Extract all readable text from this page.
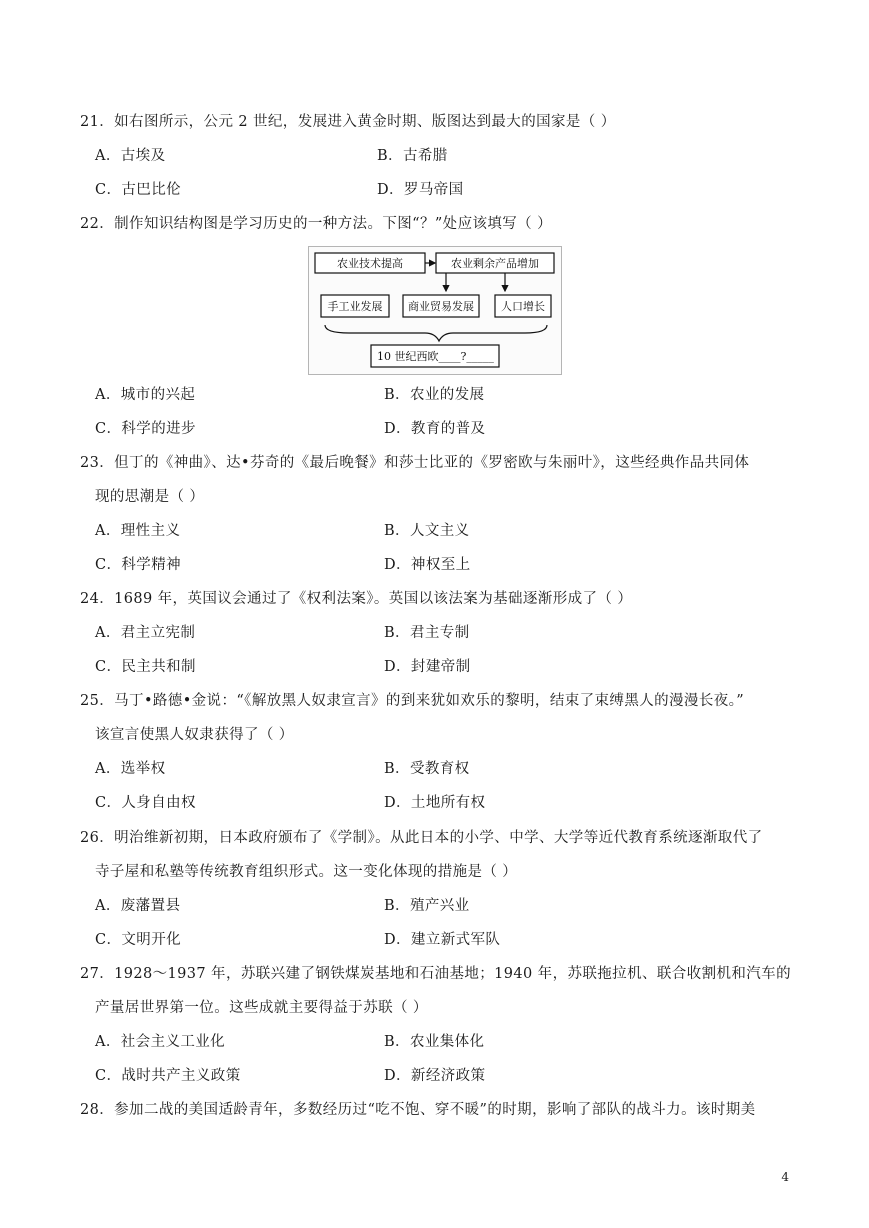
21．如右图所示，公元 2 世纪，发展进入黄金时期、版图达到最大的国家是（ ）
A．古埃及	B．古希腊
C．古巴比伦	D．罗马帝国
22．制作知识结构图是学习历史的一种方法。下图“？”处应该填写（ ）
农业技术提高	农业剩余产品增加
手工业发展 商业贸易发展 人口增长
10 世纪西欧____?_____
A．城市的兴起	B．农业的发展
C．科学的进步	D．教育的普及
23．但丁的《神曲》、达•芬奇的《最后晚餐》和莎士比亚的《罗密欧与朱丽叶》，这些经典作品共同体
现的思潮是（ ）
A．理性主义	B．人文主义
C．科学精神	D．神权至上
24．1689 年，英国议会通过了《权利法案》。英国以该法案为基础逐渐形成了（ ）
A．君主立宪制	B．君主专制
C．民主共和制	D．封建帝制
25．马丁•路德•金说：“《解放黑人奴隶宣言》的到来犹如欢乐的黎明，结束了束缚黑人的漫漫长夜。”
该宣言使黑人奴隶获得了（ ）
A．选举权	B．受教育权
C．人身自由权	D．土地所有权
26．明治维新初期，日本政府颁布了《学制》。从此日本的小学、中学、大学等近代教育系统逐渐取代了
寺子屋和私塾等传统教育组织形式。这一变化体现的措施是（ ）
A．废藩置县	B．殖产兴业
C．文明开化	D．建立新式军队
27．1928～1937 年，苏联兴建了钢铁煤炭基地和石油基地；1940 年，苏联拖拉机、联合收割机和汽车的
产量居世界第一位。这些成就主要得益于苏联（ ）
A．社会主义工业化	B．农业集体化
C．战时共产主义政策	D．新经济政策
28．参加二战的美国适龄青年，多数经历过“吃不饱、穿不暖”的时期，影响了部队的战斗力。该时期美
4
